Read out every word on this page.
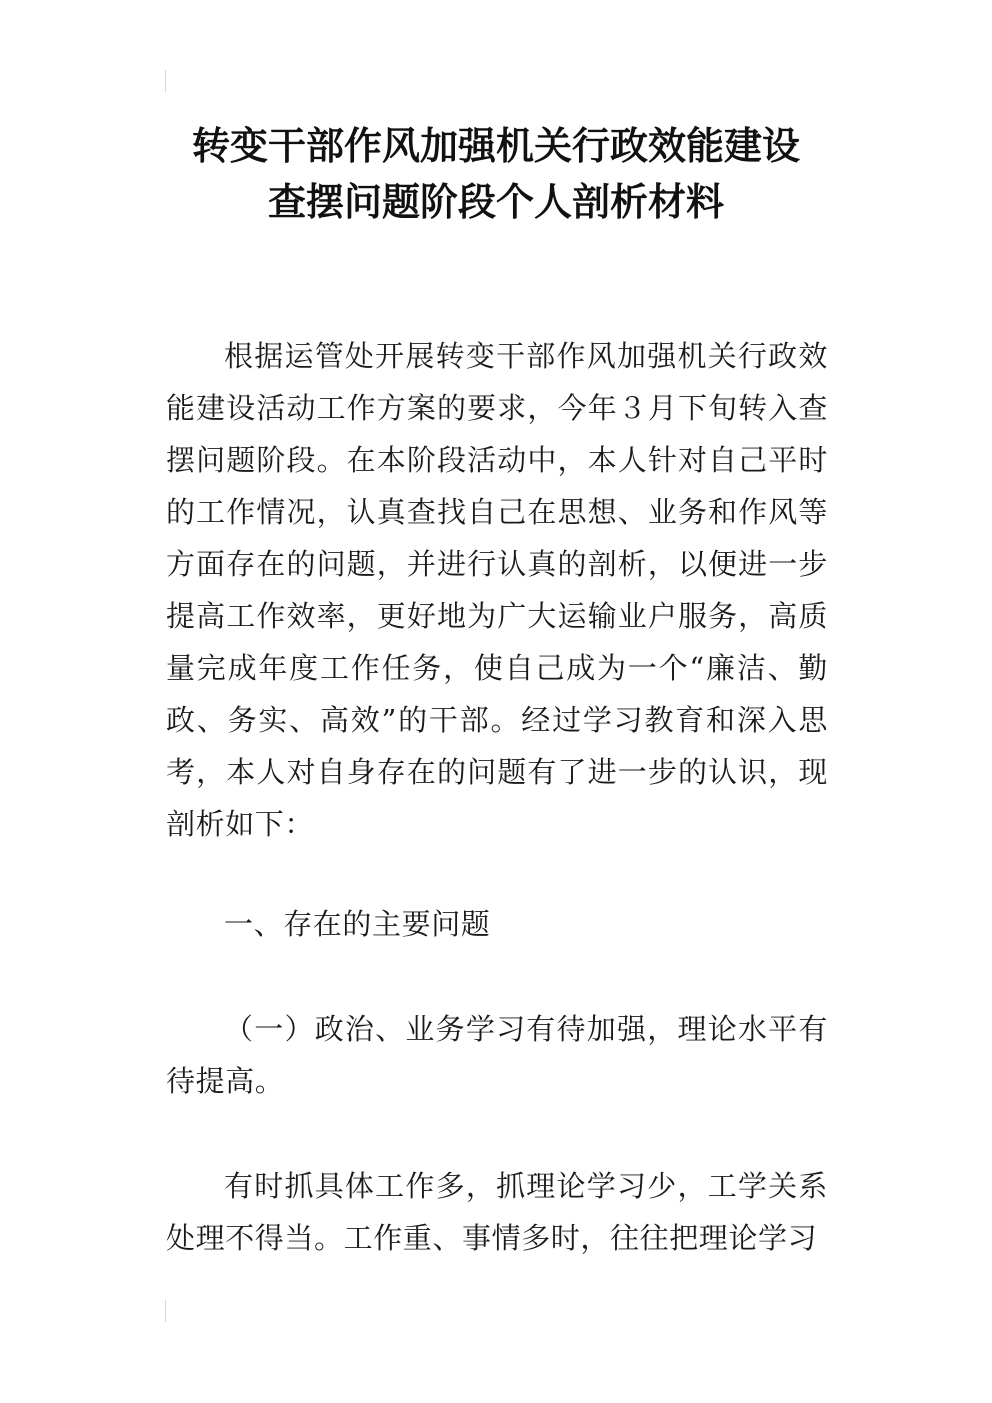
转变干部作风加强机关行政效能建设
查摆问题阶段个人剖析材料

根据运管处开展转变干部作风加强机关行政效能建设活动工作方案的要求，今年３月下旬转入查摆问题阶段。在本阶段活动中，本人针对自己平时的工作情况，认真查找自己在思想、业务和作风等方面存在的问题，并进行认真的剖析，以便进一步提高工作效率，更好地为广大运输业户服务，高质量完成年度工作任务，使自己成为一个“廉洁、勤政、务实、高效”的干部。经过学习教育和深入思考，本人对自身存在的问题有了进一步的认识，现剖析如下：

一、存在的主要问题

（一）政治、业务学习有待加强，理论水平有待提高。

有时抓具体工作多，抓理论学习少，工学关系处理不得当。工作重、事情多时，往往把理论学习
